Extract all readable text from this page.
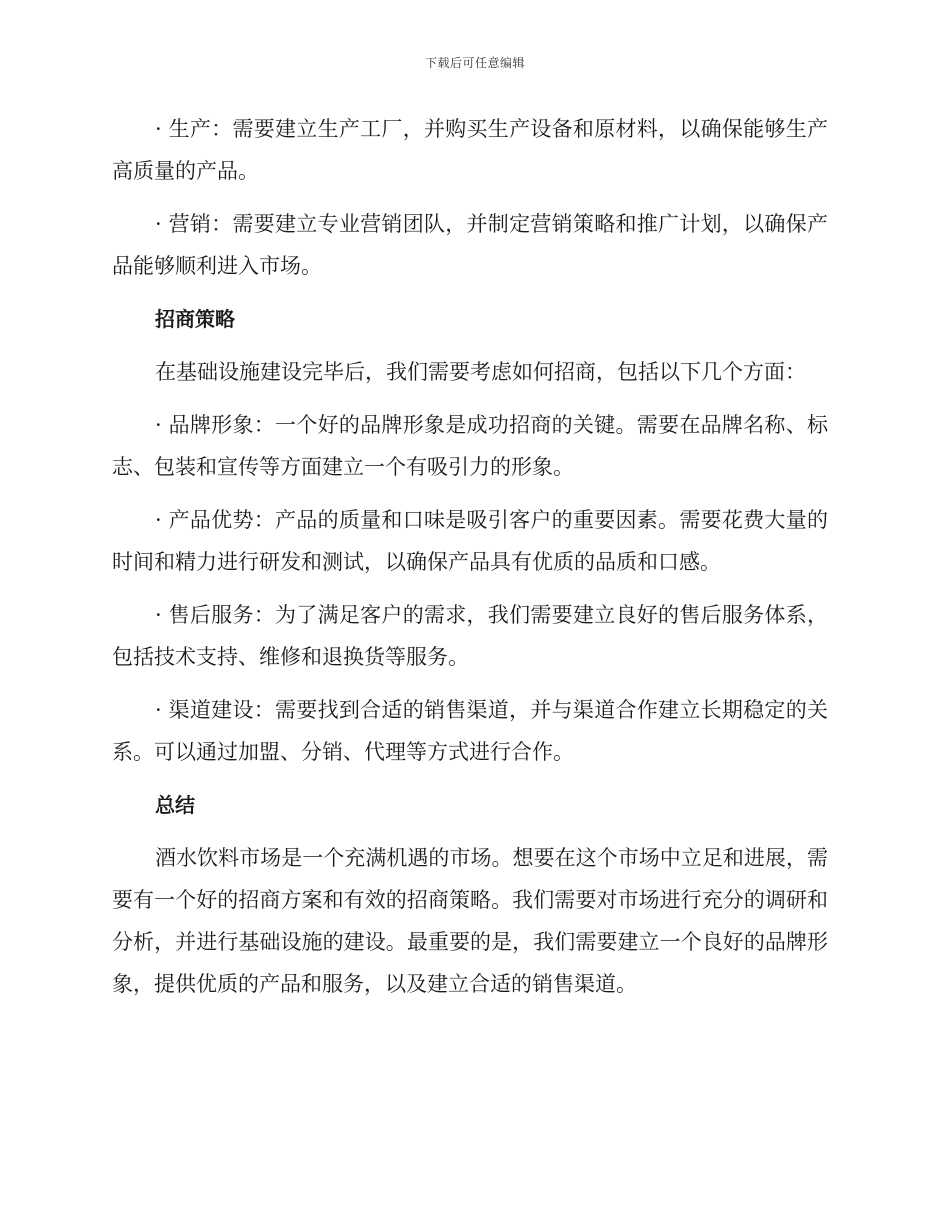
下载后可任意编辑

· 生产：需要建立生产工厂，并购买生产设备和原材料，以确保能够生产高质量的产品。

· 营销：需要建立专业营销团队，并制定营销策略和推广计划，以确保产品能够顺利进入市场。

招商策略

在基础设施建设完毕后，我们需要考虑如何招商，包括以下几个方面：

· 品牌形象：一个好的品牌形象是成功招商的关键。需要在品牌名称、标志、包装和宣传等方面建立一个有吸引力的形象。

· 产品优势：产品的质量和口味是吸引客户的重要因素。需要花费大量的时间和精力进行研发和测试，以确保产品具有优质的品质和口感。

· 售后服务：为了满足客户的需求，我们需要建立良好的售后服务体系，包括技术支持、维修和退换货等服务。

· 渠道建设：需要找到合适的销售渠道，并与渠道合作建立长期稳定的关系。可以通过加盟、分销、代理等方式进行合作。

总结

酒水饮料市场是一个充满机遇的市场。想要在这个市场中立足和进展，需要有一个好的招商方案和有效的招商策略。我们需要对市场进行充分的调研和分析，并进行基础设施的建设。最重要的是，我们需要建立一个良好的品牌形象，提供优质的产品和服务，以及建立合适的销售渠道。
